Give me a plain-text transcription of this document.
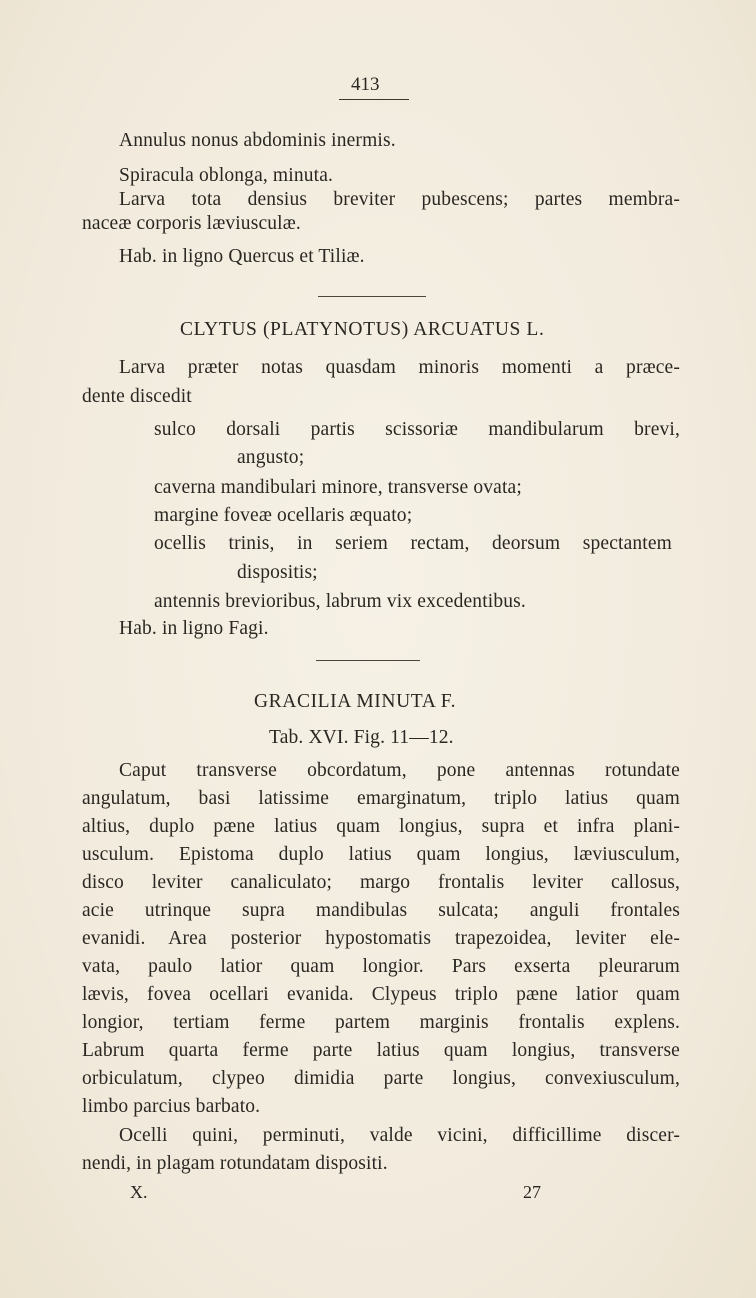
413
Annulus nonus abdominis inermis.
Spiracula oblonga, minuta.
Larva tota densius breviter pubescens; partes membra-
naceæ corporis læviusculæ.
Hab. in ligno Quercus et Tiliæ.
CLYTUS (PLATYNOTUS) ARCUATUS L.
Larva præter notas quasdam minoris momenti a præce-
dente discedit
sulco dorsali partis scissoriæ mandibularum brevi,
angusto;
caverna mandibulari minore, transverse ovata;
margine foveæ ocellaris æquato;
ocellis trinis, in seriem rectam, deorsum spectantem
dispositis;
antennis brevioribus, labrum vix excedentibus.
Hab. in ligno Fagi.
GRACILIA MINUTA F.
Tab. XVI. Fig. 11—12.
Caput transverse obcordatum, pone antennas rotundate
angulatum, basi latissime emarginatum, triplo latius quam
altius, duplo pæne latius quam longius, supra et infra plani-
usculum. Epistoma duplo latius quam longius, læviusculum,
disco leviter canaliculato; margo frontalis leviter callosus,
acie utrinque supra mandibulas sulcata; anguli frontales
evanidi. Area posterior hypostomatis trapezoidea, leviter ele-
vata, paulo latior quam longior. Pars exserta pleurarum
lævis, fovea ocellari evanida. Clypeus triplo pæne latior quam
longior, tertiam ferme partem marginis frontalis explens.
Labrum quarta ferme parte latius quam longius, transverse
orbiculatum, clypeo dimidia parte longius, convexiusculum,
limbo parcius barbato.
Ocelli quini, perminuti, valde vicini, difficillime discer-
nendi, in plagam rotundatam dispositi.
X.	27
